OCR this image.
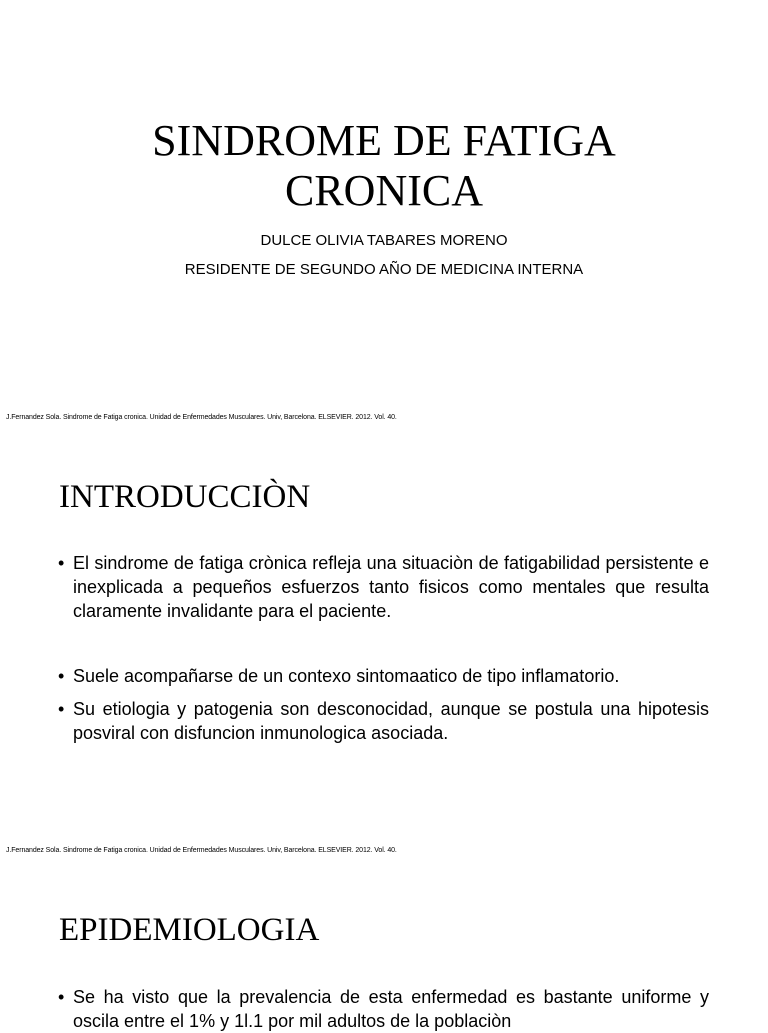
SINDROME DE FATIGA
CRONICA

DULCE OLIVIA TABARES MORENO

RESIDENTE DE SEGUNDO AÑO DE MEDICINA INTERNA

J.Fernandez Sola. Sindrome de Fatiga cronica. Unidad de Enfermedades Musculares. Univ, Barcelona. ELSEVIER. 2012. Vol. 40.

INTRODUCCIÒN

• El sindrome de fatiga crònica refleja una situaciòn de fatigabilidad persistente e inexplicada a pequeños esfuerzos tanto fisicos como mentales que resulta claramente invalidante para el paciente.

• Suele acompañarse de un contexo sintomaatico de tipo inflamatorio.

• Su etiologia y patogenia son desconocidad, aunque se postula una hipotesis posviral con disfuncion inmunologica asociada.

J.Fernandez Sola. Sindrome de Fatiga cronica. Unidad de Enfermedades Musculares. Univ, Barcelona. ELSEVIER. 2012. Vol. 40.

EPIDEMIOLOGIA

• Se ha visto que la prevalencia de esta enfermedad es bastante uniforme y oscila entre el 1% y 1l.1 por mil adultos de la poblaciòn
